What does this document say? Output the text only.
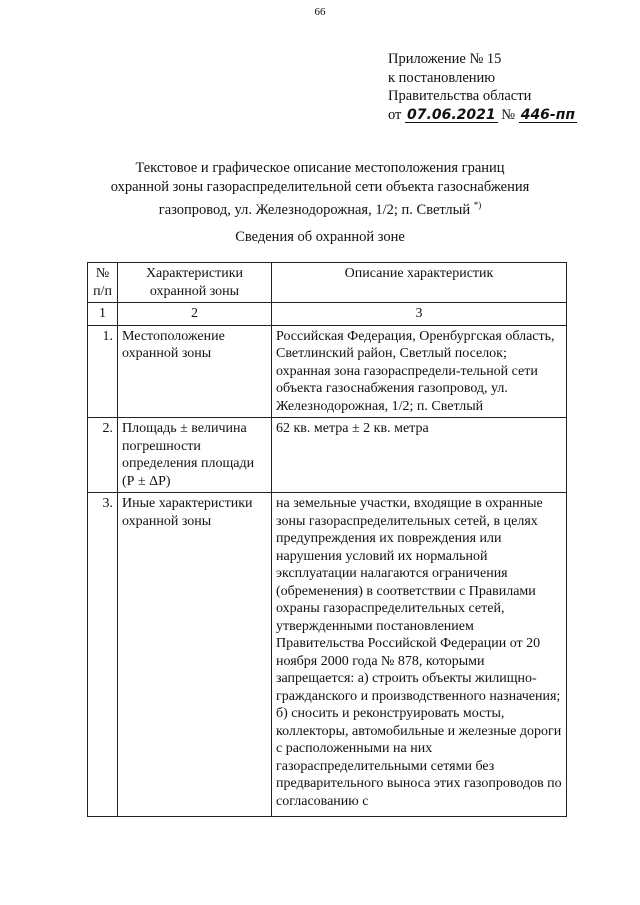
66
Приложение № 15
к постановлению
Правительства области
от 07.06.2021 № 446-пп
Текстовое и графическое описание местоположения границ
охранной зоны газораспределительной сети объекта газоснабжения
газопровод, ул. Железнодорожная, 1/2; п. Светлый *)
Сведения об охранной зоне
№ п/п	Характеристики охранной зоны	Описание характеристик
1	2	3
1.	Местоположение охранной зоны	Российская Федерация, Оренбургская область, Светлинский район, Светлый поселок; охранная зона газораспредели-тельной сети объекта газоснабжения газопровод, ул. Железнодорожная, 1/2; п. Светлый
2.	Площадь ± величина погрешности определения площади (Р ± ΔР)	62 кв. метра ± 2 кв. метра
3.	Иные характеристики охранной зоны	на земельные участки, входящие в охранные зоны газораспределительных сетей, в целях предупреждения их повреждения или нарушения условий их нормальной эксплуатации налагаются ограничения (обременения) в соответствии с Правилами охраны газораспределительных сетей, утвержденными постановлением Правительства Российской Федерации от 20 ноября 2000 года № 878, которыми запрещается: а) строить объекты жилищно-гражданского и производственного назначения; б) сносить и реконструировать мосты, коллекторы, автомобильные и железные дороги с расположенными на них газораспределительными сетями без предварительного выноса этих газопроводов по согласованию с
